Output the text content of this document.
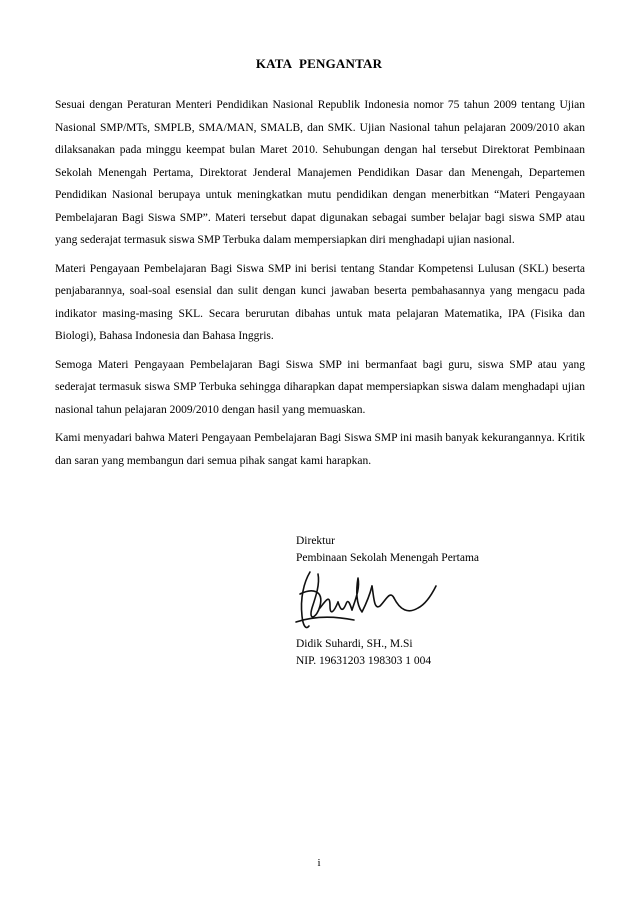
KATA PENGANTAR

Sesuai dengan Peraturan Menteri Pendidikan Nasional Republik Indonesia nomor 75 tahun 2009 tentang Ujian Nasional SMP/MTs, SMPLB, SMA/MAN, SMALB, dan SMK. Ujian Nasional tahun pelajaran 2009/2010 akan dilaksanakan pada minggu keempat bulan Maret 2010. Sehubungan dengan hal tersebut Direktorat Pembinaan Sekolah Menengah Pertama, Direktorat Jenderal Manajemen Pendidikan Dasar dan Menengah, Departemen Pendidikan Nasional berupaya untuk meningkatkan mutu pendidikan dengan menerbitkan “Materi Pengayaan Pembelajaran Bagi Siswa SMP”. Materi tersebut dapat digunakan sebagai sumber belajar bagi siswa SMP atau yang sederajat termasuk siswa SMP Terbuka dalam mempersiapkan diri menghadapi ujian nasional.

Materi Pengayaan Pembelajaran Bagi Siswa SMP ini berisi tentang Standar Kompetensi Lulusan (SKL) beserta penjabarannya, soal-soal esensial dan sulit dengan kunci jawaban beserta pembahasannya yang mengacu pada indikator masing-masing SKL. Secara berurutan dibahas untuk mata pelajaran Matematika, IPA (Fisika dan Biologi), Bahasa Indonesia dan Bahasa Inggris.

Semoga Materi Pengayaan Pembelajaran Bagi Siswa SMP ini bermanfaat bagi guru, siswa SMP atau yang sederajat termasuk siswa SMP Terbuka sehingga diharapkan dapat mempersiapkan siswa dalam menghadapi ujian nasional tahun pelajaran 2009/2010 dengan hasil yang memuaskan.

Kami menyadari bahwa Materi Pengayaan Pembelajaran Bagi Siswa SMP ini masih banyak kekurangannya. Kritik dan saran yang membangun dari semua pihak sangat kami harapkan.

Direktur

Pembinaan Sekolah Menengah Pertama

Didik Suhardi, SH., M.Si

NIP. 19631203 198303 1 004

i
